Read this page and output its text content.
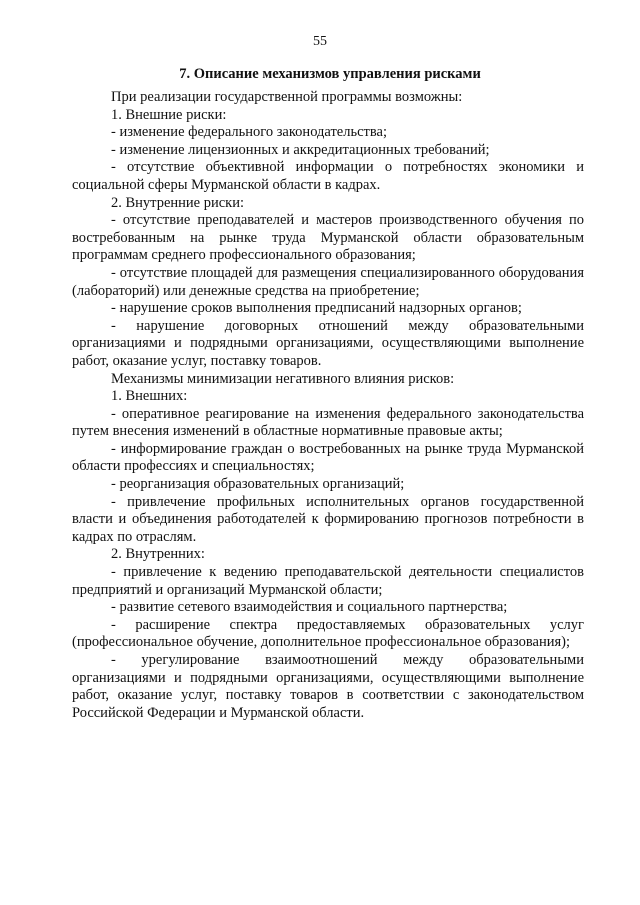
55
7. Описание механизмов управления рисками

При реализации государственной программы возможны:

1. Внешние риски:

- изменение федерального законодательства;

- изменение лицензионных и аккредитационных требований;

- отсутствие объективной информации о потребностях экономики и социальной сферы Мурманской области в кадрах.

2. Внутренние риски:

- отсутствие преподавателей и мастеров производственного обучения по востребованным на рынке труда Мурманской области образовательным программам среднего профессионального образования;

- отсутствие площадей для размещения специализированного оборудования (лабораторий) или денежные средства на приобретение;

- нарушение сроков выполнения предписаний надзорных органов;

- нарушение договорных отношений между образовательными организациями и подрядными организациями, осуществляющими выполнение работ, оказание услуг, поставку товаров.

Механизмы минимизации негативного влияния рисков:

1. Внешних:

- оперативное реагирование на изменения федерального законодательства путем внесения изменений в областные нормативные правовые акты;

- информирование граждан о востребованных на рынке труда Мурманской области профессиях и специальностях;

- реорганизация образовательных организаций;

- привлечение профильных исполнительных органов государственной власти и объединения работодателей к формированию прогнозов потребности в кадрах по отраслям.

2. Внутренних:

- привлечение к ведению преподавательской деятельности специалистов предприятий и организаций Мурманской области;

- развитие сетевого взаимодействия и социального партнерства;

- расширение спектра предоставляемых образовательных услуг (профессиональное обучение, дополнительное профессиональное образования);

- урегулирование взаимоотношений между образовательными организациями и подрядными организациями, осуществляющими выполнение работ, оказание услуг, поставку товаров в соответствии с законодательством Российской Федерации и Мурманской области.
